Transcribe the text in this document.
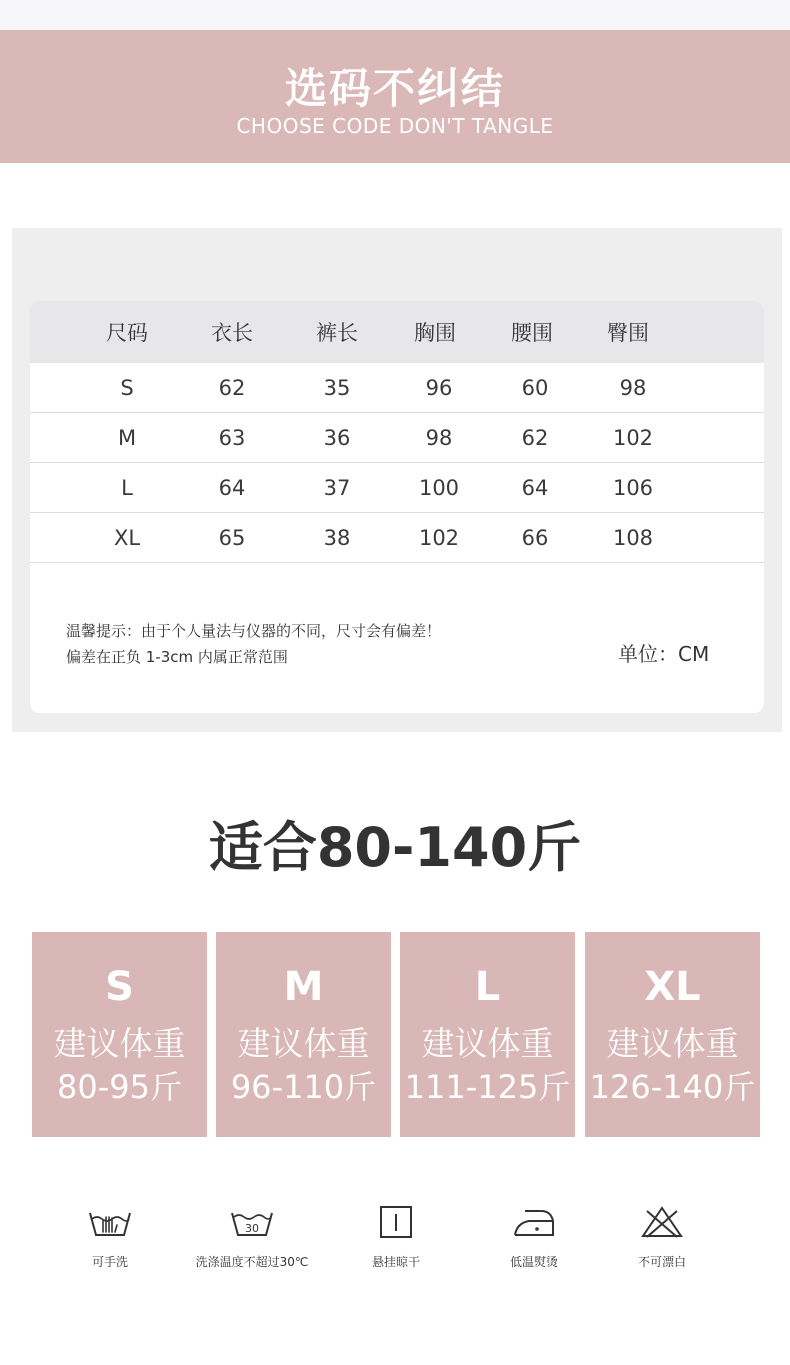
选码不纠结
CHOOSE CODE DON'T TANGLE
尺码	衣长	裤长	胸围	腰围	臀围
S	62	35	96	60	98
M	63	36	98	62	102
L	64	37	100	64	106
XL	65	38	102	66	108
温馨提示：由于个人量法与仪器的不同，尺寸会有偏差！
偏差在正负 1-3cm 内属正常范围	单位：CM
适合80-140斤
S
建议体重
80-95斤
M
建议体重
96-110斤
L
建议体重
111-125斤
XL
建议体重
126-140斤
可手洗
30
洗涤温度不超过30℃	悬挂晾干	低温熨烫	不可漂白
